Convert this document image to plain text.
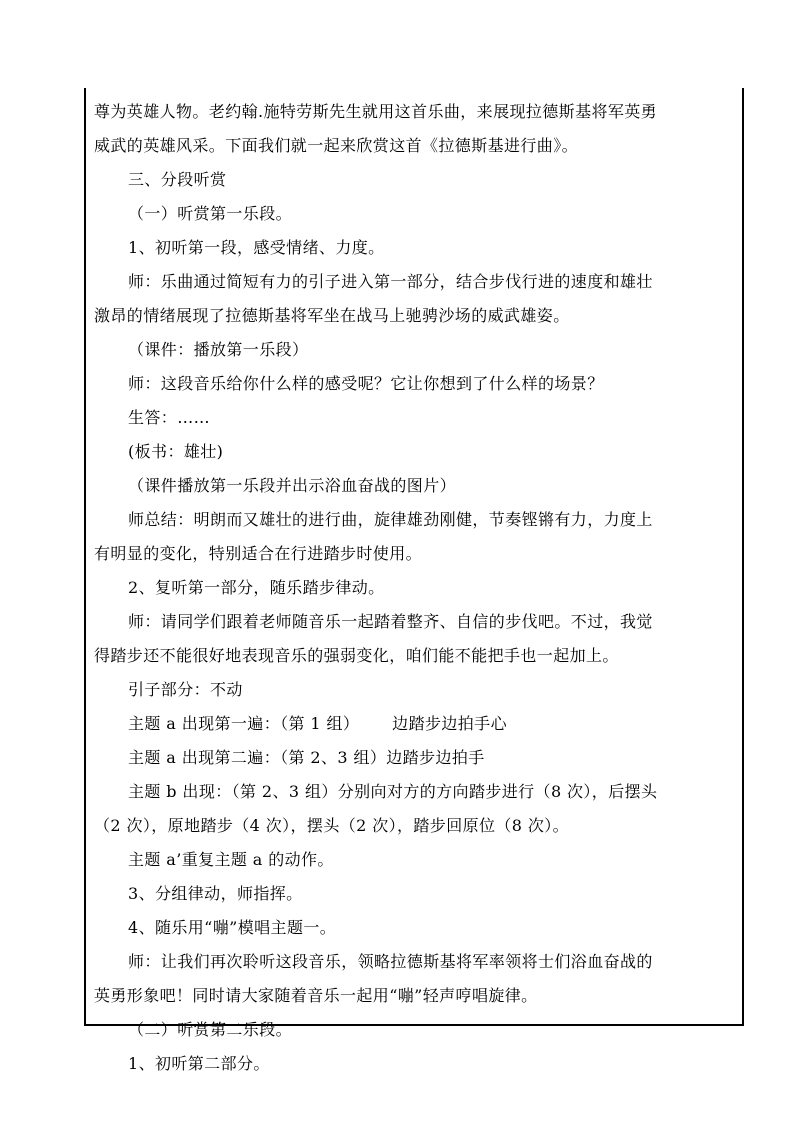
尊为英雄人物。老约翰.施特劳斯先生就用这首乐曲，来展现拉德斯基将军英勇
威武的英雄风采。下面我们就一起来欣赏这首《拉德斯基进行曲》。
三、分段听赏
（一）听赏第一乐段。
1、初听第一段，感受情绪、力度。
师：乐曲通过简短有力的引子进入第一部分，结合步伐行进的速度和雄壮
激昂的情绪展现了拉德斯基将军坐在战马上驰骋沙场的威武雄姿。
（课件：播放第一乐段）
师：这段音乐给你什么样的感受呢？它让你想到了什么样的场景？
生答：……
(板书：雄壮)
（课件播放第一乐段并出示浴血奋战的图片）
师总结：明朗而又雄壮的进行曲，旋律雄劲刚健，节奏铿锵有力，力度上
有明显的变化，特别适合在行进踏步时使用。
2、复听第一部分，随乐踏步律动。
师：请同学们跟着老师随音乐一起踏着整齐、自信的步伐吧。不过，我觉
得踏步还不能很好地表现音乐的强弱变化，咱们能不能把手也一起加上。
引子部分：不动
主题 a 出现第一遍：（第 1 组）      边踏步边拍手心
主题 a 出现第二遍：（第 2、3 组）边踏步边拍手
主题 b 出现：（第 2、3 组）分别向对方的方向踏步进行（8 次），后摆头
（2 次），原地踏步（4 次），摆头（2 次），踏步回原位（8 次）。
主题 a’重复主题 a 的动作。
3、分组律动，师指挥。
4、随乐用“嘣”模唱主题一。
师：让我们再次聆听这段音乐，领略拉德斯基将军率领将士们浴血奋战的
英勇形象吧！同时请大家随着音乐一起用“嘣”轻声哼唱旋律。
（二）听赏第二乐段。
1、初听第二部分。
